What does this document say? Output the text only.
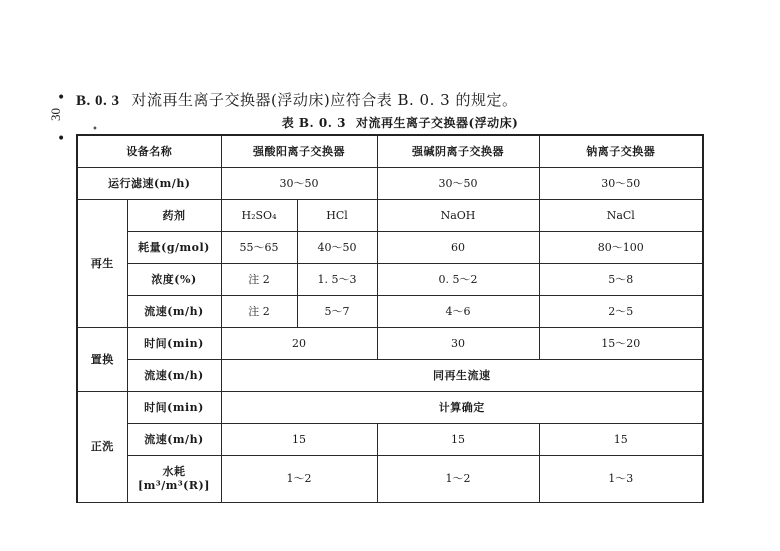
30
•
•
•
B. 0. 3 对流再生离子交换器(浮动床)应符合表 B. 0. 3 的规定。
表 B. 0. 3 对流再生离子交换器(浮动床)
设备名称		强酸阳离子交换器		强碱阴离子交换器	钠离子交换器
运行滤速(m/h)		30～50		30～50	30～50
再生	药剂	H₂SO₄	HCl	NaOH	NaCl
	耗量(g/mol)	55～65	40～50	60	80～100
	浓度(%)	注 2	1. 5～3	0. 5～2	5～8
	流速(m/h)	注 2	5～7	4～6	2～5
置换	时间(min)	20		30	15～20
	流速(m/h)	同再生流速			
正洗	时间(min)	计算确定			
	流速(m/h)	15		15	15

	水耗
[m³/m³(R)]	1～2		1～2	1～3
